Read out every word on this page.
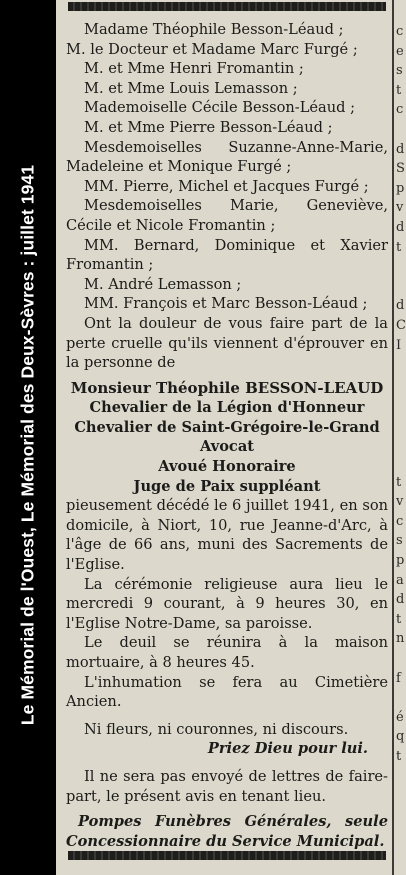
Le Mémorial de l'Ouest, Le Mémorial des Deux-Sèvres : juillet 1941

Madame Théophile Besson-Léaud ;

M. le Docteur et Madame Marc Furgé ;

M. et Mme Henri Fromantin ;

M. et Mme Louis Lemasson ;

Mademoiselle Cécile Besson-Léaud ;

M. et Mme Pierre Besson-Léaud ;

Mesdemoiselles Suzanne-Anne-Marie, Madeleine et Monique Furgé ;

MM. Pierre, Michel et Jacques Furgé ;

Mesdemoiselles Marie, Geneviève, Cécile et Nicole Fromantin ;

MM. Bernard, Dominique et Xavier Fromantin ;

M. André Lemasson ;

MM. François et Marc Besson-Léaud ;

Ont la douleur de vous faire part de la perte cruelle qu'ils viennent d'éprouver en la personne de

Monsieur Théophile BESSON-LEAUD

Chevalier de la Légion d'Honneur

Chevalier de Saint-Grégoire-le-Grand

Avocat

Avoué Honoraire

Juge de Paix suppléant

pieusement décédé le 6 juillet 1941, en son domicile, à Niort, 10, rue Jeanne-d'Arc, à l'âge de 66 ans, muni des Sacrements de l'Eglise.

La cérémonie religieuse aura lieu le mercredi 9 courant, à 9 heures 30, en l'Eglise Notre-Dame, sa paroisse.

Le deuil se réunira à la maison mortuaire, à 8 heures 45.

L'inhumation se fera au Cimetière Ancien.

Ni fleurs, ni couronnes, ni discours.

Priez Dieu pour lui.

Il ne sera pas envoyé de lettres de faire-part, le présent avis en tenant lieu.

Pompes Funèbres Générales, seule Concessionnaire du Service Municipal.

c
e
s
t
c
d
S
p
v
d
t
d
C
I
t
v
c
s
p
a
d
t
n
f
é
q
t
